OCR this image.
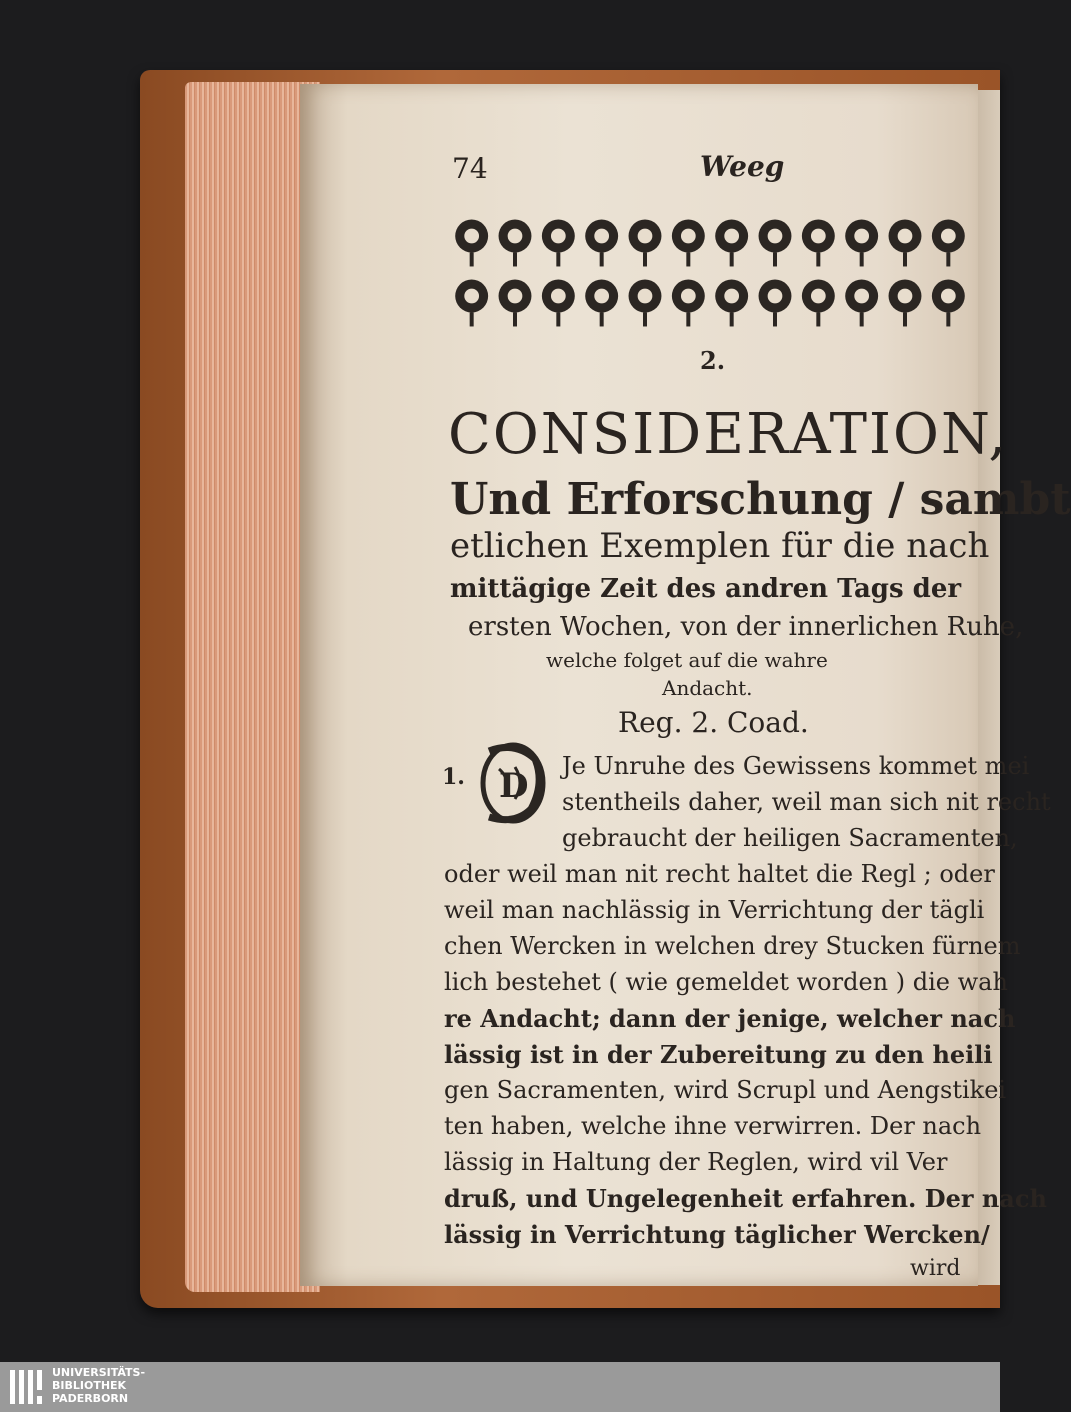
74	Weeg
2.
CONSIDERATION,
Und Erforschung / sambt
etlichen Exemplen für die nach
mittägige Zeit des andren Tags der
ersten Wochen, von der innerlichen Ruhe,
welche folget auf die wahre
Andacht.
Reg. 2. Coad.
1. D Je Unruhe des Gewissens kommet mei
stentheils daher, weil man sich nit recht
gebraucht der heiligen Sacramenten,
oder weil man nit recht haltet die Regl ; oder
weil man nachlässig in Verrichtung der tägli
chen Wercken in welchen drey Stucken fürnem
lich bestehet ( wie gemeldet worden ) die wah
re Andacht; dann der jenige, welcher nach
lässig ist in der Zubereitung zu den heili
gen Sacramenten, wird Scrupl und Aengstikei
ten haben, welche ihne verwirren. Der nach
lässig in Haltung der Reglen, wird vil Ver
druß, und Ungelegenheit erfahren. Der nach
lässig in Verrichtung täglicher Wercken/
wird
UNIVERSITÄTS-
BIBLIOTHEK
PADERBORN
